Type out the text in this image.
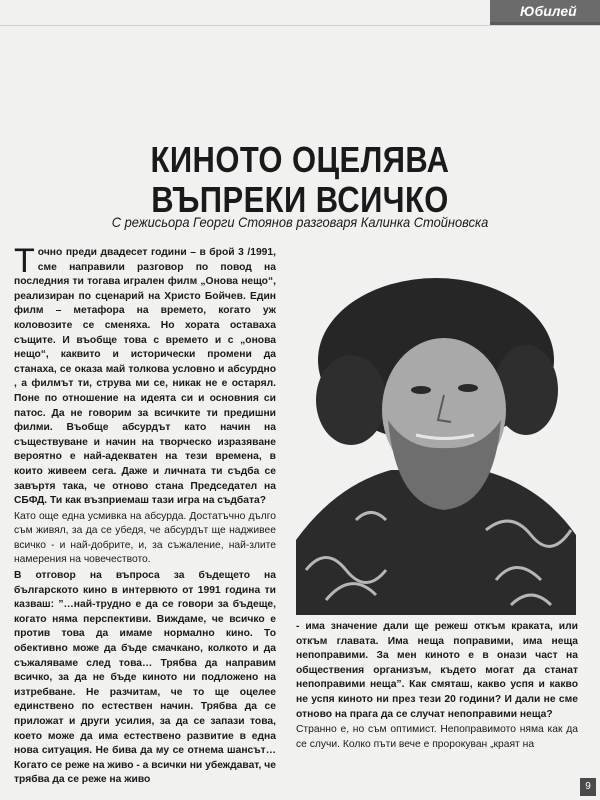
Юбилей
КИНОТО ОЦЕЛЯВА
ВЪПРЕКИ ВСИЧКО
С режисьора Георги Стоянов разговаря Калинка Стойновска

Т очно преди двадесет години – в брой 3 /1991, сме направили разговор по повод на последния ти тогава игралeн филм „Онова нещо“, реализиран по сценарий на Христо Бойчев. Един филм – метафора на времето, когато уж коловозите се сменяха. Но хората оставаха същите. И въобще това с времето и с „онова нещо“, каквито и исторически промени да станахa, се оказа май толкова условно и абсурдно , а филмът ти, струва ми се, никак не е остарял. Поне по отношение на идеята си и основния си патос. Да не говорим за всичките ти предишни филми. Въобще абсурдът като начин на съществуване и начин на творческо изразяване вероятно е най-адекватен на тези времена, в които живеем сега. Даже и личната ти съдба се завъртя така, че отново стана Председател на СБФД. Ти как възприемаш тази игра на съдбата?

Като още една усмивка на абсурда. Достатъчно дълго съм живял, за да се убедя, че абсурдът ще надживее всичко - и най-добрите, и, за съжаление, най-злите намерения на човечеството.

В отговор на въпроса за бъдещето на българското кино в интервюто от 1991 година ти казваш: ”…най-трудно е да се говори за бъдеще, когато няма перспективи. Виждаме, че всичко е против това да имаме нормално кино. То обективно може да бъде смачкано, колкото и да съжаляваме след това… Трябва да направим всичко, за да не бъде киното ни подложено на изтребване. Не разчитам, че то ще оцелее единствено по естествен начин. Трябва да се приложат и други усилия, за да се запази това, което може да има естествено развитие в една нова ситуация. Не бива да му се отнема шансът… Когато се реже на живо - а всички ни убеждават, че трябва да се реже на живо

- има значение дали ще режеш откъм краката, или откъм главата. Има неща поправими, има неща непоправими. За мен киното е в онази част на обществения организъм, където могат да станат непоправими неща”. Как смяташ, какво успя и какво не успя киното ни през тези 20 години? И дали не сме отново на прага да се случат непоправими неща?

Странно е, но съм оптимист. Непоправимото няма как да се случи. Колко пъти вече е пророкуван „краят на

9
